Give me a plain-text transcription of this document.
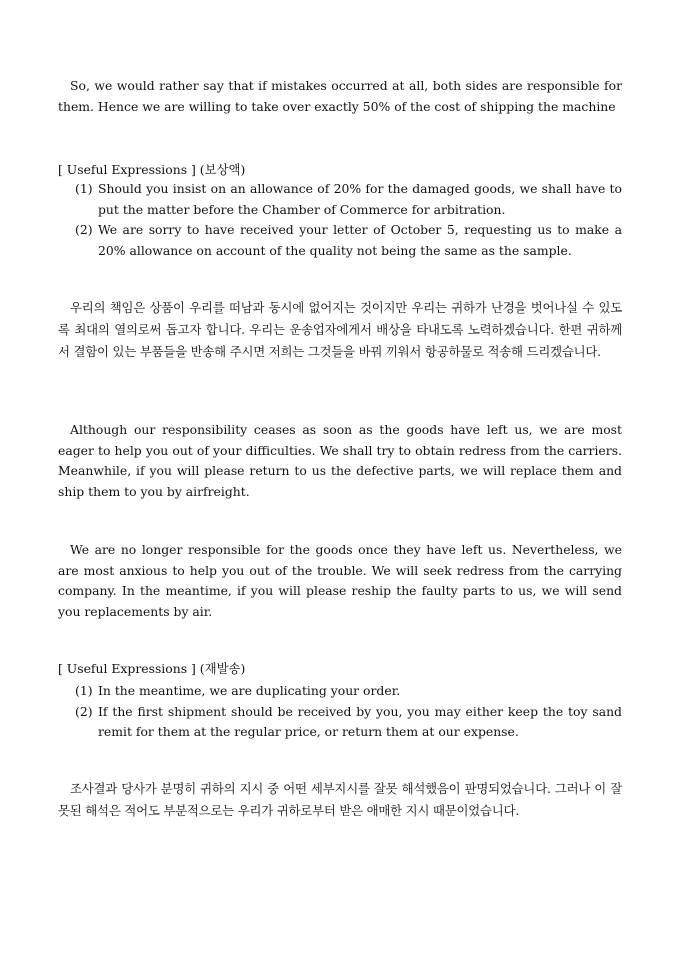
So, we would rather say that if mistakes occurred at all, both sides are responsible for them. Hence we are willing to take over exactly 50% of the cost of shipping the machine

[ Useful Expressions ] (보상액)

(1) Should you insist on an allowance of 20% for the damaged goods, we shall have to put the matter before the Chamber of Commerce for arbitration.
(2) We are sorry to have received your letter of October 5, requesting us to make a 20% allowance on account of the quality not being the same as the sample.

우리의 책임은 상품이 우리를 떠남과 동시에 없어지는 것이지만 우리는 귀하가 난경을 벗어나실 수 있도록 최대의 열의로써 돕고자 합니다. 우리는 운송업자에게서 배상을 타내도록 노력하겠습니다. 한편 귀하께서 결함이 있는 부품들을 반송해 주시면 저희는 그것들을 바꿔 끼워서 항공하물로 적송해 드리겠습니다.

Although our responsibility ceases as soon as the goods have left us, we are most eager to help you out of your difficulties. We shall try to obtain redress from the carriers. Meanwhile, if you will please return to us the defective parts, we will replace them and ship them to you by airfreight.

We are no longer responsible for the goods once they have left us. Nevertheless, we are most anxious to help you out of the trouble. We will seek redress from the carrying company. In the meantime, if you will please reship the faulty parts to us, we will send you replacements by air.

[ Useful Expressions ] (재발송)

(1) In the meantime, we are duplicating your order.
(2) If the first shipment should be received by you, you may either keep the toy sand remit for them at the regular price, or return them at our expense.

조사결과 당사가 분명히 귀하의 지시 중 어떤 세부지시를 잘못 해석했음이 판명되었습니다. 그러나 이 잘못된 해석은 적어도 부분적으로는 우리가 귀하로부터 받은 애매한 지시 때문이었습니다.
